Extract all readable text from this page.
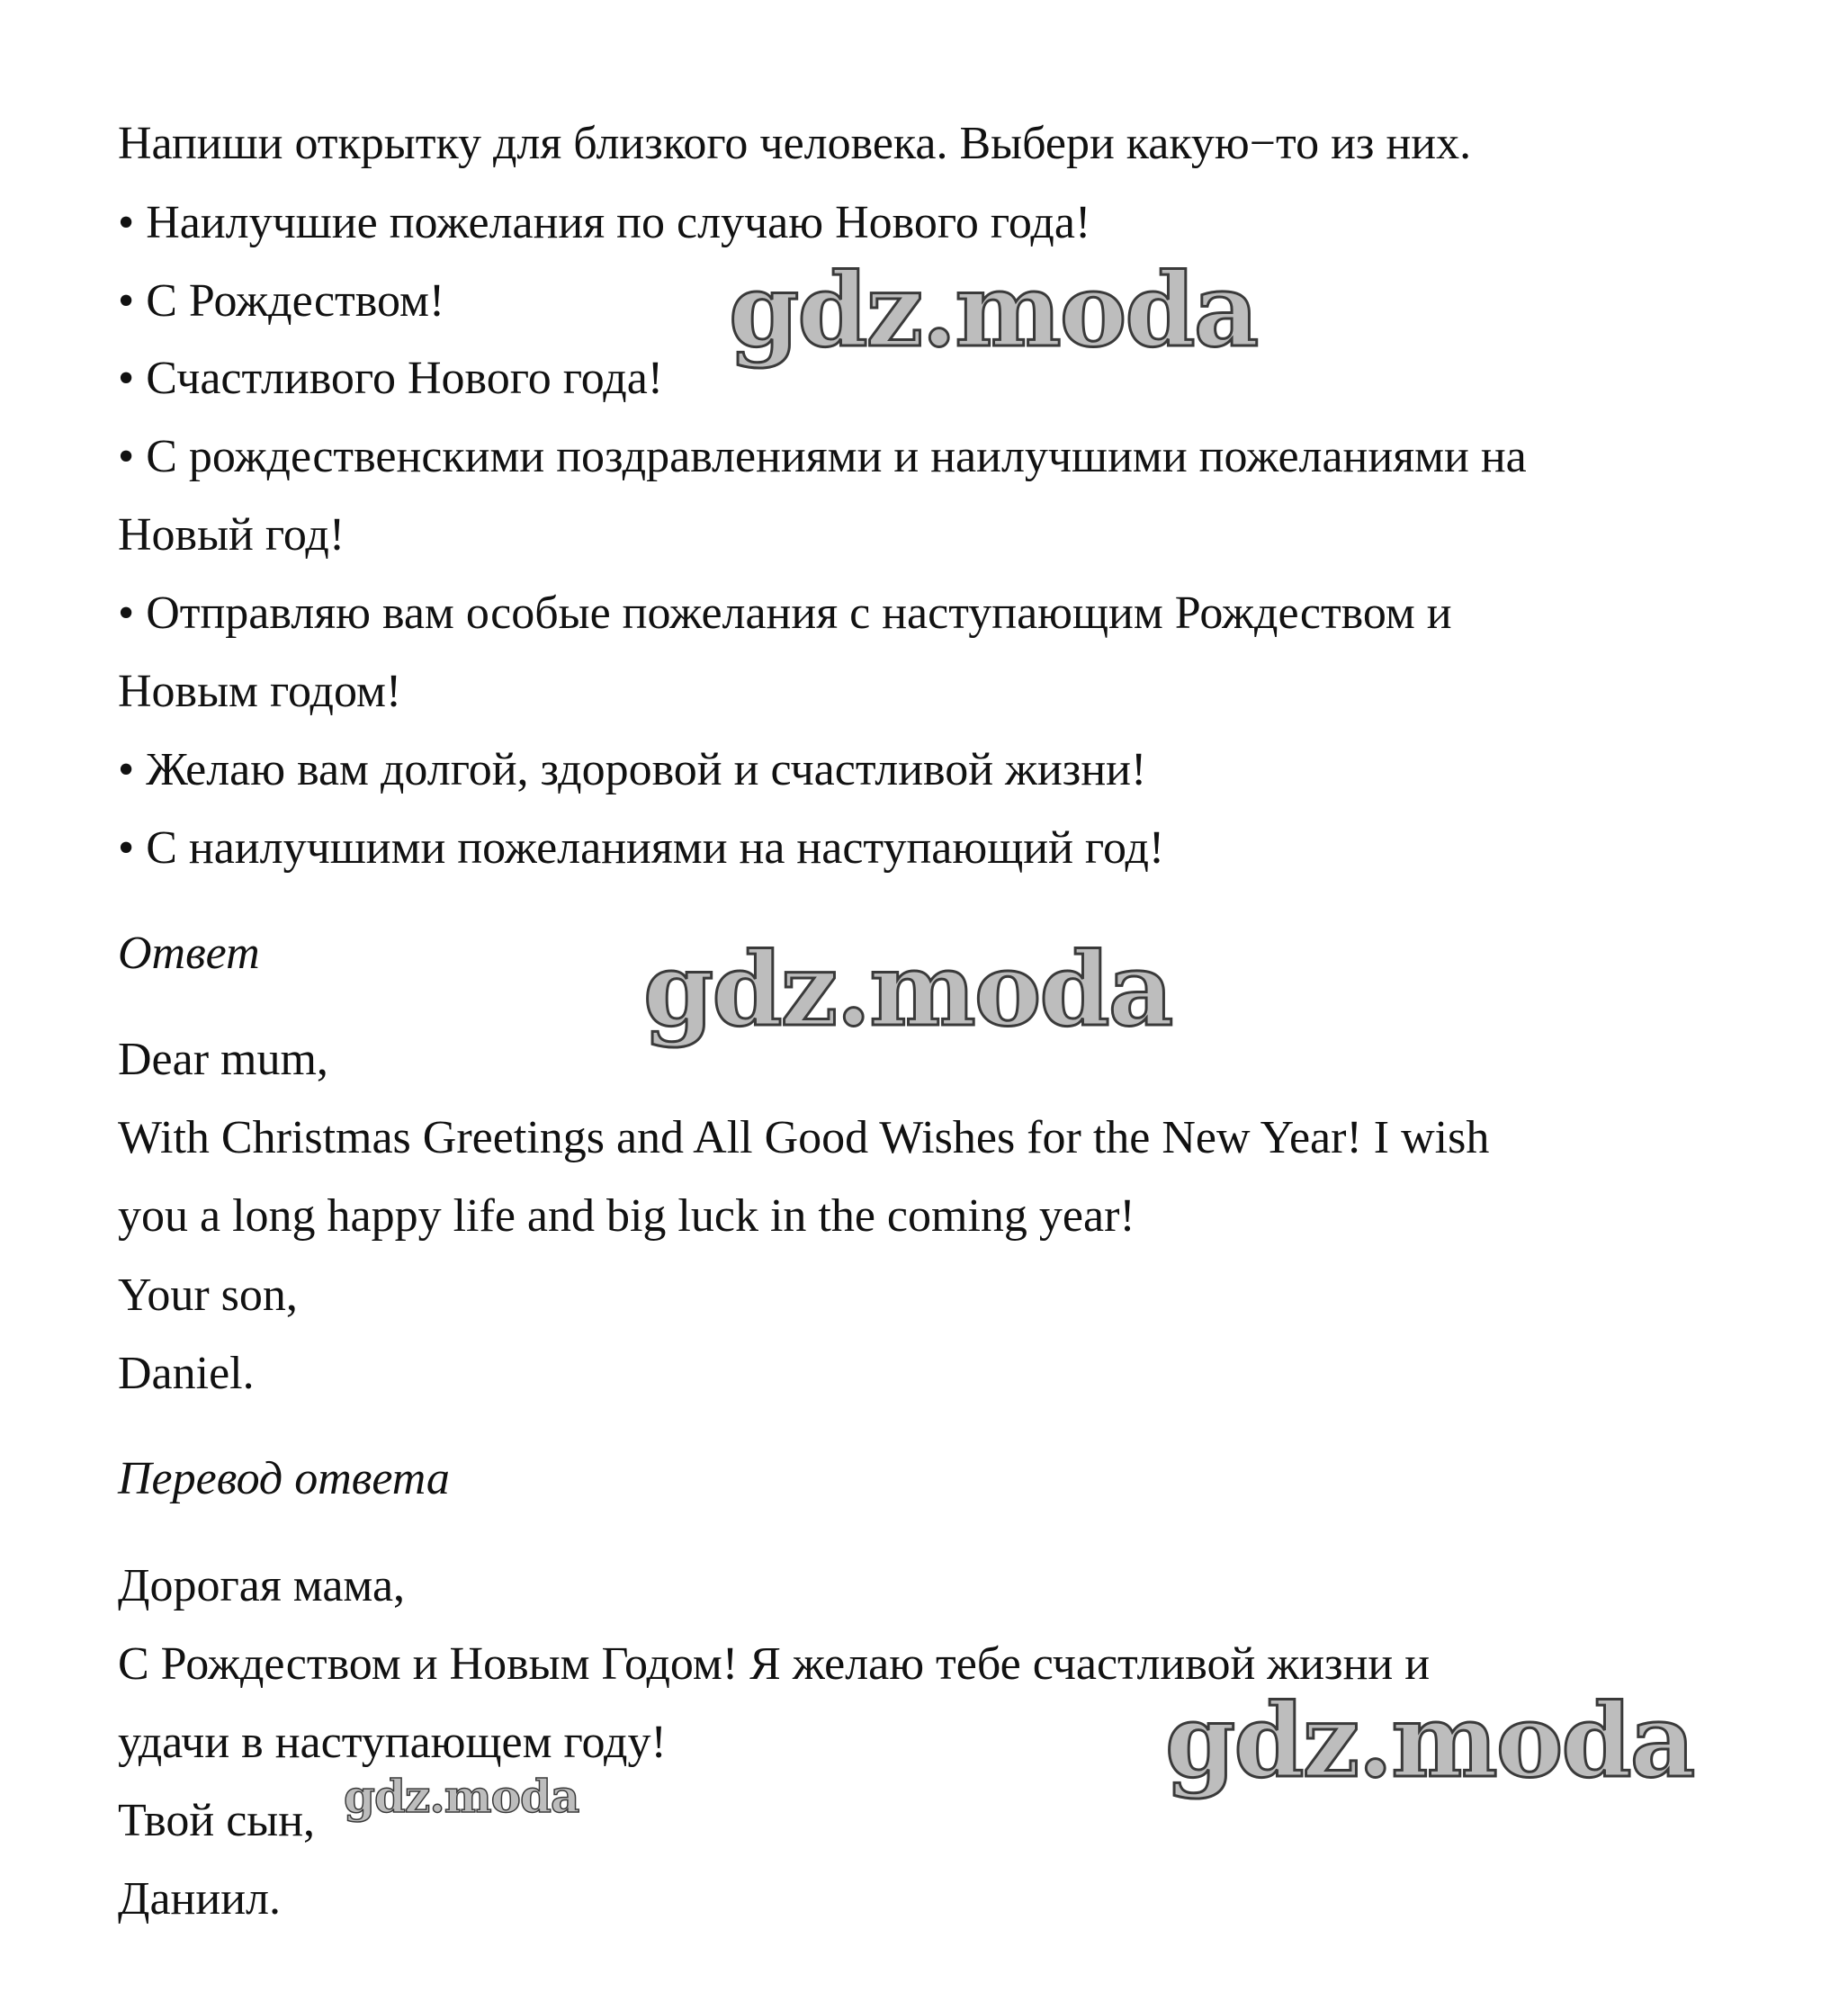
Напиши открытку для близкого человека. Выбери какую−то из них.
• Наилучшие пожелания по случаю Нового года!
• С Рождеством!
• Счастливого Нового года!
• С рождественскими поздравлениями и наилучшими пожеланиями на
Новый год!
• Отправляю вам особые пожелания с наступающим Рождеством и
Новым годом!
• Желаю вам долгой, здоровой и счастливой жизни!
• С наилучшими пожеланиями на наступающий год!
Ответ
Dear mum,
With Christmas Greetings and All Good Wishes for the New Year! I wish
you a long happy life and big luck in the coming year!
Your son,
Daniel.
Перевод ответа
Дорогая мама,
С Рождеством и Новым Годом! Я желаю тебе счастливой жизни и
удачи в наступающем году!
Твой сын,
Даниил.
gdz.moda
gdz.moda
gdz.moda
gdz.moda
